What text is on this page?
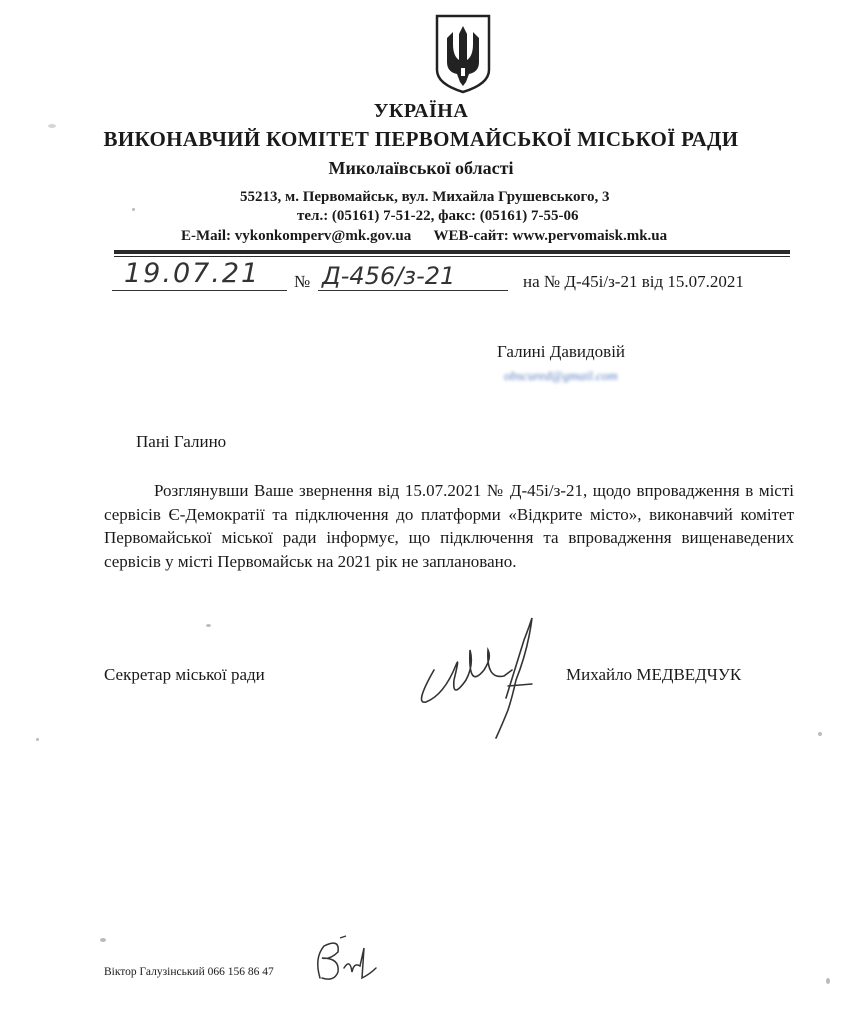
УКРАЇНА
ВИКОНАВЧИЙ КОМІТЕТ ПЕРВОМАЙСЬКОЇ МІСЬКОЇ РАДИ
Миколаївської області
55213, м. Первомайськ, вул. Михайла Грушевського, 3
тел.: (05161) 7-51-22, факс: (05161) 7-55-06
E-Mail: vykonkomperv@mk.gov.ua      WEB-сайт: www.pervomaisk.mk.ua
19.07.21 № Д-456/з-21	на № Д-45і/з-21 від 15.07.2021
Галині Давидовій
obscured@gmail.com
Пані Галино
Розглянувши Ваше звернення від 15.07.2021 № Д-45і/з-21, щодо впровадження в місті сервісів Є-Демократії та підключення до платформи «Відкрите місто», виконавчий комітет Первомайської міської ради інформує, що підключення та впровадження вищенаведених сервісів у місті Первомайськ на 2021 рік не заплановано.
Секретар міської ради	Михайло МЕДВЕДЧУК
Віктор Галузінський 066 156 86 47
